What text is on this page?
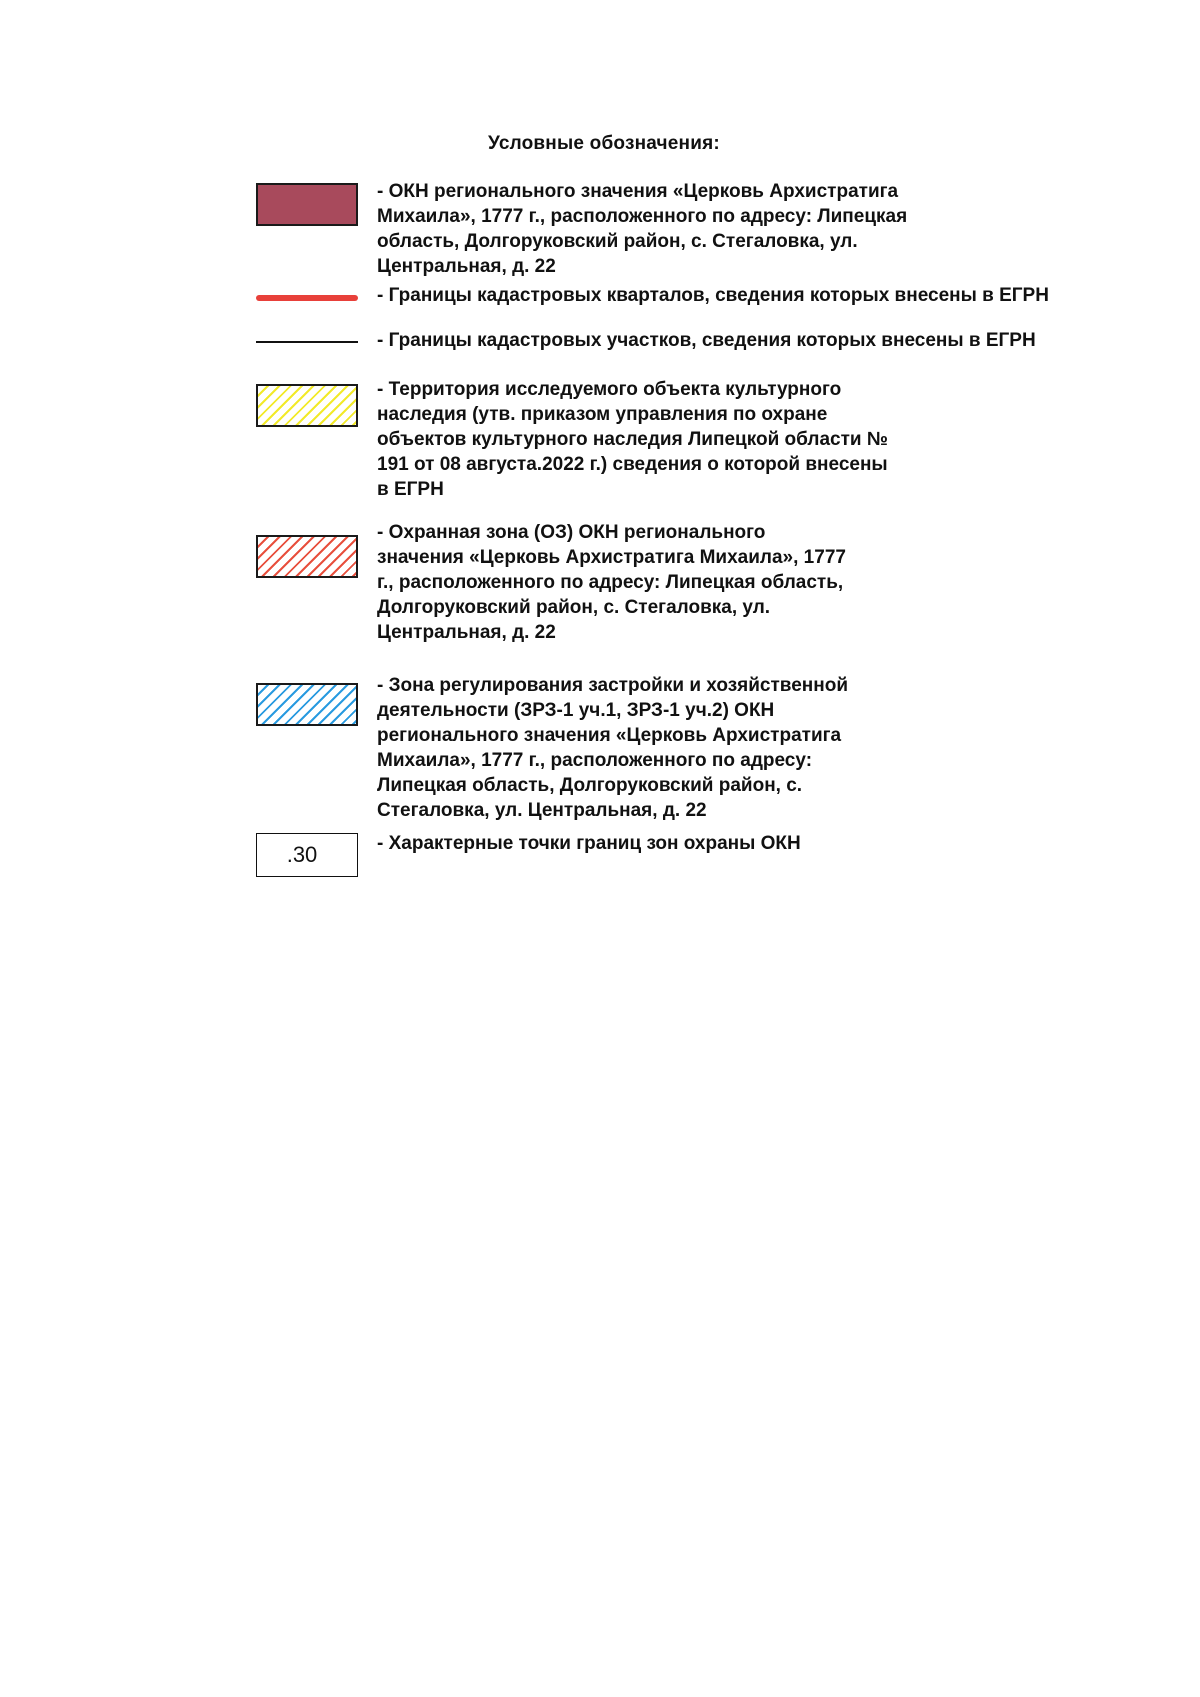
Условные обозначения:
- ОКН регионального значения «Церковь Архистратига
Михаила», 1777 г., расположенного по адресу: Липецкая
область, Долгоруковский район, с. Стегаловка, ул.
Центральная, д. 22
- Границы кадастровых кварталов, сведения которых внесены в ЕГРН
- Границы кадастровых участков, сведения которых внесены в ЕГРН
- Территория исследуемого объекта культурного
наследия (утв. приказом управления по охране
объектов культурного наследия Липецкой области №
191 от 08 августа.2022 г.) сведения о которой внесены
в ЕГРН
- Охранная зона (ОЗ) ОКН регионального
значения «Церковь Архистратига Михаила», 1777
г., расположенного по адресу: Липецкая область,
Долгоруковский район, с. Стегаловка, ул.
Центральная, д. 22
- Зона регулирования застройки и хозяйственной
деятельности (ЗРЗ-1 уч.1, ЗРЗ-1 уч.2) ОКН
регионального значения «Церковь Архистратига
Михаила», 1777 г., расположенного по адресу:
Липецкая область, Долгоруковский район, с.
Стегаловка, ул. Центральная, д. 22
.30	- Характерные точки границ зон охраны ОКН
